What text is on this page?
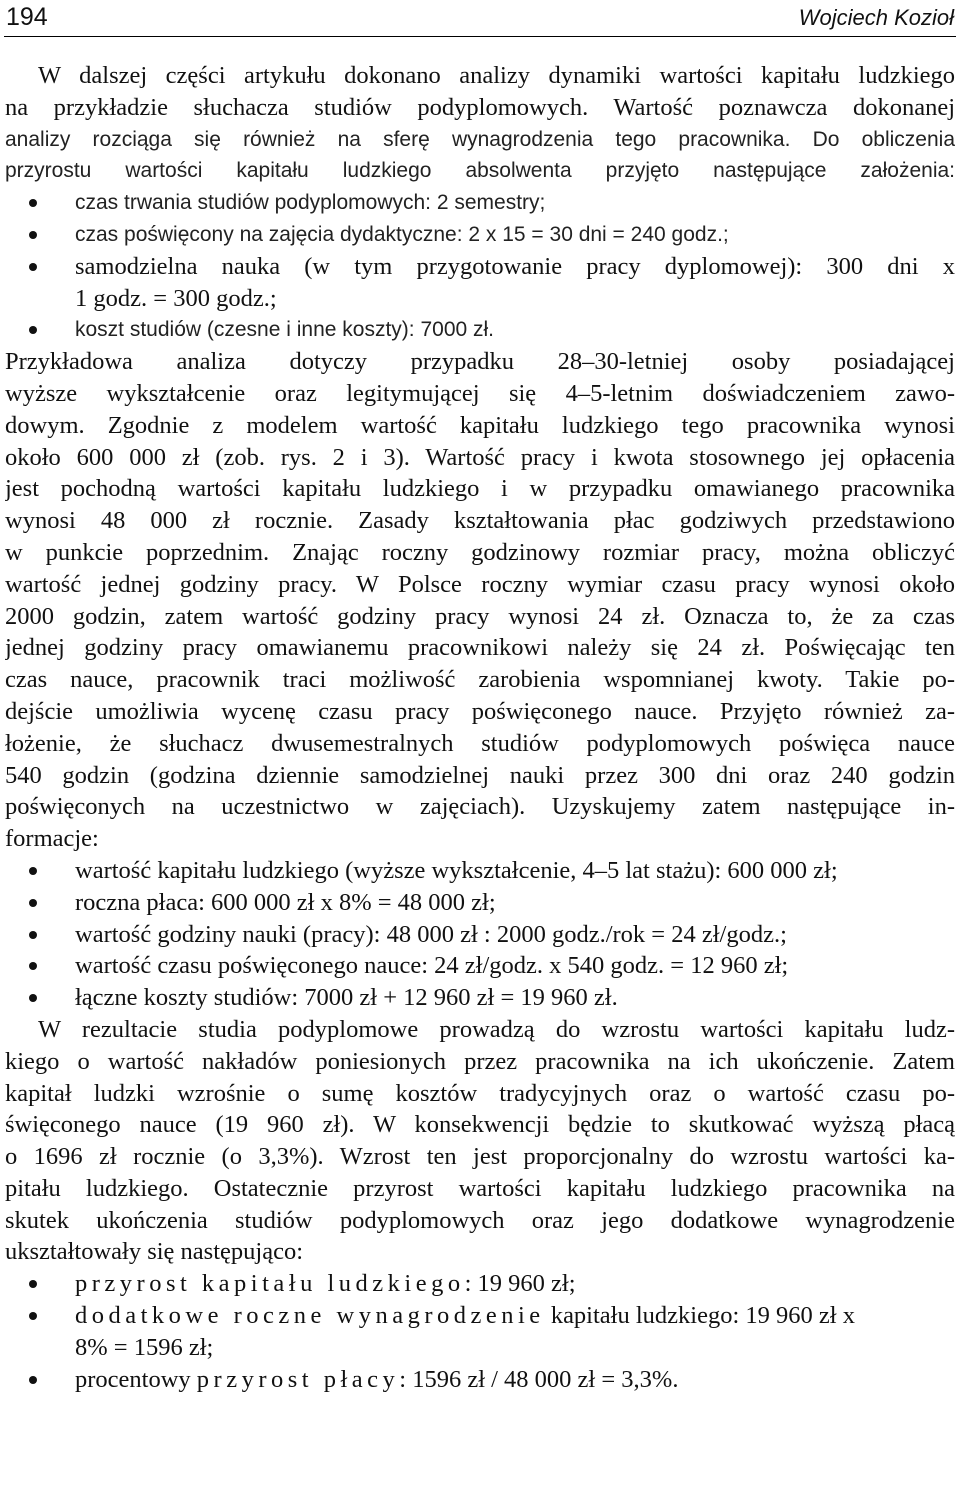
194	Wojciech Kozioł
W dalszej części artykułu dokonano analizy dynamiki wartości kapitału ludzkiego
na przykładzie słuchacza studiów podyplomowych. Wartość poznawcza dokonanej
analizy rozciąga się również na sferę wynagrodzenia tego pracownika. Do obliczenia
przyrostu wartości kapitału ludzkiego absolwenta przyjęto następujące założenia:
czas trwania studiów podyplomowych: 2 semestry;
czas poświęcony na zajęcia dydaktyczne: 2 x 15 = 30 dni = 240 godz.;
samodzielna nauka (w tym przygotowanie pracy dyplomowej): 300 dni x
1 godz. = 300 godz.;
koszt studiów (czesne i inne koszty): 7000 zł.
Przykładowa analiza dotyczy przypadku 28–30-letniej osoby posiadającej
wyższe wykształcenie oraz legitymującej się 4–5-letnim doświadczeniem zawo-
dowym. Zgodnie z modelem wartość kapitału ludzkiego tego pracownika wynosi
około 600 000 zł (zob. rys. 2 i 3). Wartość pracy i kwota stosownego jej opłacenia
jest pochodną wartości kapitału ludzkiego i w przypadku omawianego pracownika
wynosi 48 000 zł rocznie. Zasady kształtowania płac godziwych przedstawiono
w punkcie poprzednim. Znając roczny godzinowy rozmiar pracy, można obliczyć
wartość jednej godziny pracy. W Polsce roczny wymiar czasu pracy wynosi około
2000 godzin, zatem wartość godziny pracy wynosi 24 zł. Oznacza to, że za czas
jednej godziny pracy omawianemu pracownikowi należy się 24 zł. Poświęcając ten
czas nauce, pracownik traci możliwość zarobienia wspomnianej kwoty. Takie po-
dejście umożliwia wycenę czasu pracy poświęconego nauce. Przyjęto również za-
łożenie, że słuchacz dwusemestralnych studiów podyplomowych poświęca nauce
540 godzin (godzina dziennie samodzielnej nauki przez 300 dni oraz 240 godzin
poświęconych na uczestnictwo w zajęciach). Uzyskujemy zatem następujące in-
formacje:
wartość kapitału ludzkiego (wyższe wykształcenie, 4–5 lat stażu): 600 000 zł;
roczna płaca: 600 000 zł x 8% = 48 000 zł;
wartość godziny nauki (pracy): 48 000 zł : 2000 godz./rok = 24 zł/godz.;
wartość czasu poświęconego nauce: 24 zł/godz. x 540 godz. = 12 960 zł;
łączne koszty studiów: 7000 zł + 12 960 zł = 19 960 zł.
W rezultacie studia podyplomowe prowadzą do wzrostu wartości kapitału ludz-
kiego o wartość nakładów poniesionych przez pracownika na ich ukończenie. Zatem
kapitał ludzki wzrośnie o sumę kosztów tradycyjnych oraz o wartość czasu po-
święconego nauce (19 960 zł). W konsekwencji będzie to skutkować wyższą płacą
o 1696 zł rocznie (o 3,3%). Wzrost ten jest proporcjonalny do wzrostu wartości ka-
pitału ludzkiego. Ostatecznie przyrost wartości kapitału ludzkiego pracownika na
skutek ukończenia studiów podyplomowych oraz jego dodatkowe wynagrodzenie
ukształtowały się następująco:
przyrost kapitału ludzkiego: 19 960 zł;
dodatkowe roczne wynagrodzenie kapitału ludzkiego: 19 960 zł x
8% = 1596 zł;
procentowy przyrost płacy: 1596 zł / 48 000 zł = 3,3%.
